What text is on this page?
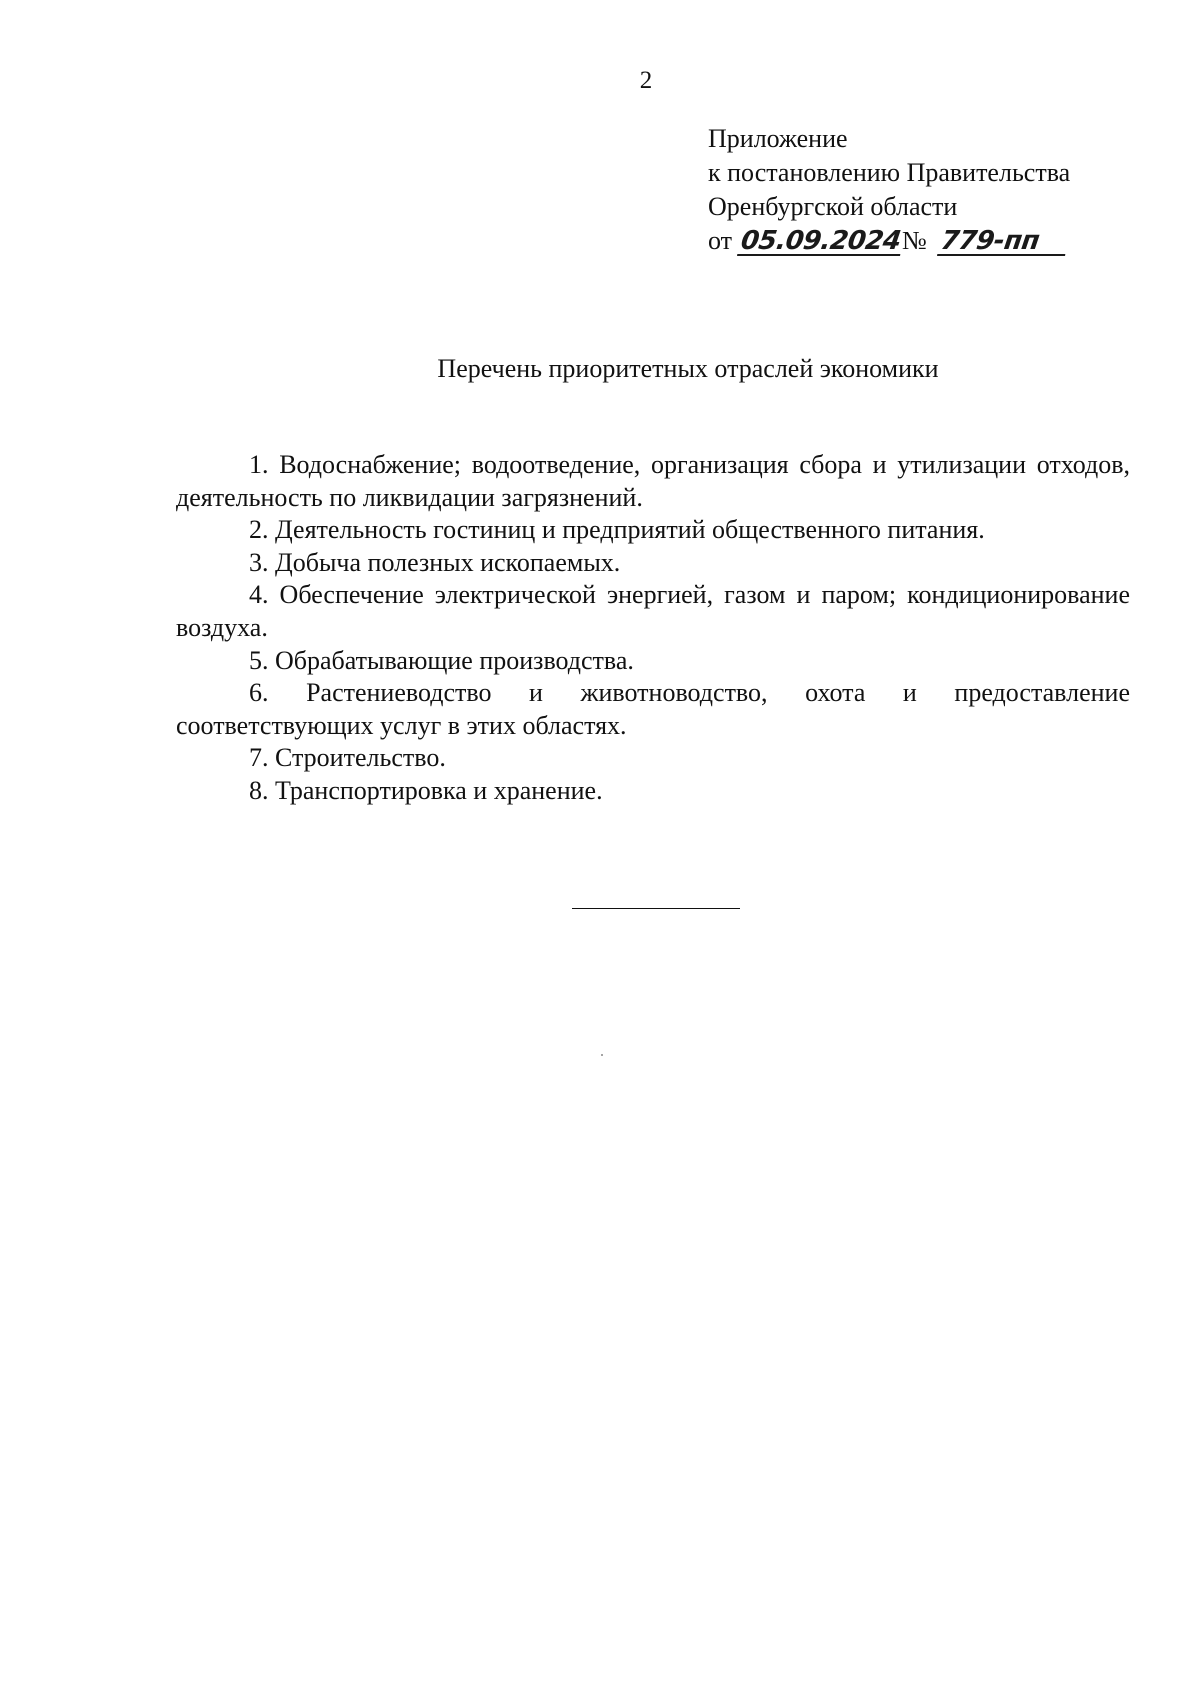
2
Приложение
к постановлению Правительства
Оренбургской области
от 05.09.2024№ 779-пп
Перечень приоритетных отраслей экономики

1. Водоснабжение; водоотведение, организация сбора и утилизации отходов, деятельность по ликвидации загрязнений.

2. Деятельность гостиниц и предприятий общественного питания.

3. Добыча полезных ископаемых.

4. Обеспечение электрической энергией, газом и паром; кондиционирование воздуха.

5. Обрабатывающие производства.

6. Растениеводство и животноводство, охота и предоставление соответствующих услуг в этих областях.

7. Строительство.

8. Транспортировка и хранение.
